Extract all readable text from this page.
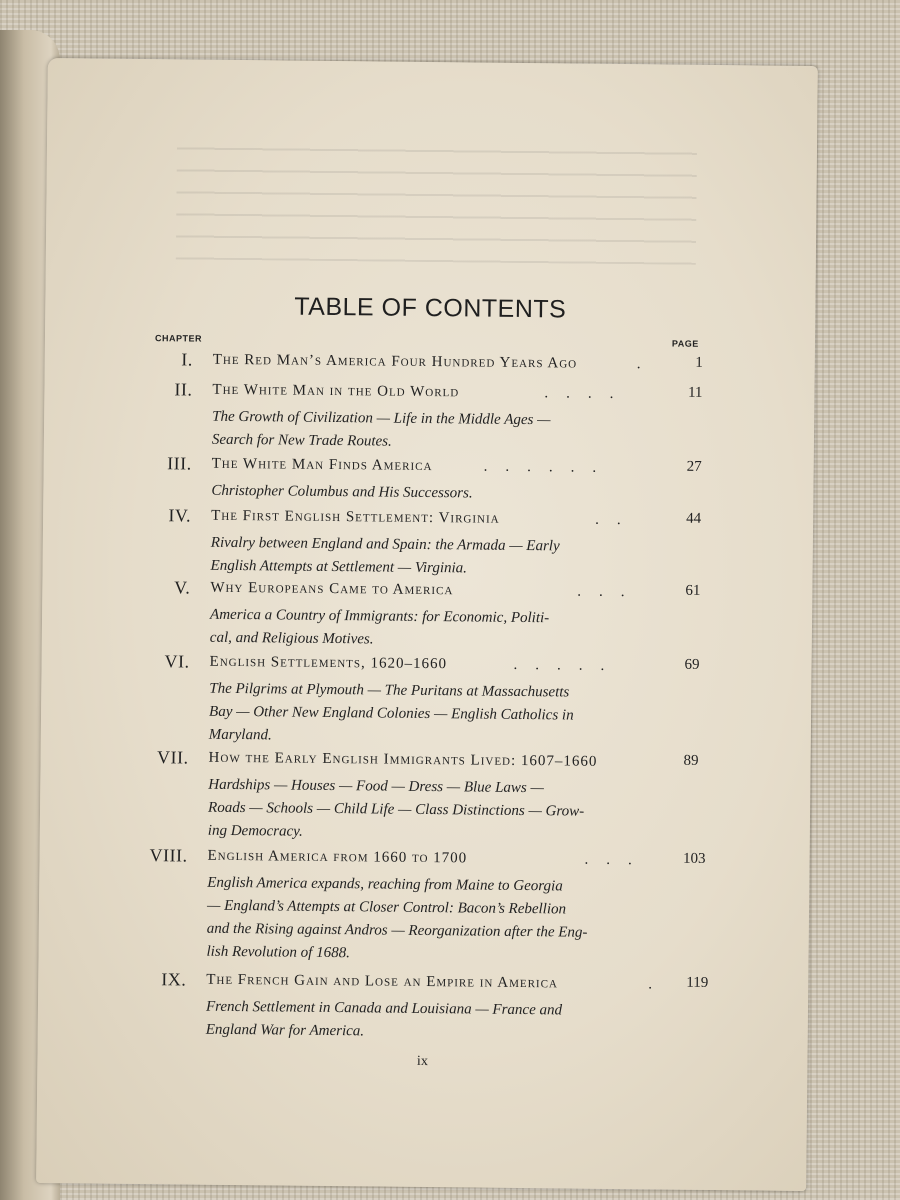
TABLE OF CONTENTS
CHAPTER
PAGE
I. The Red Man’s America Four Hundred Years Ago	.	1
II. The White Man in the Old World	....	11
The Growth of Civilization — Life in the Middle Ages —
Search for New Trade Routes.
III. The White Man Finds America	......	27
Christopher Columbus and His Successors.
IV. The First English Settlement: Virginia	..	44
Rivalry between England and Spain: the Armada — Early
English Attempts at Settlement — Virginia.
V. Why Europeans Came to America	...	61
America a Country of Immigrants: for Economic, Politi-
cal, and Religious Motives.
VI. English Settlements, 1620–1660	.....	69
The Pilgrims at Plymouth — The Puritans at Massachusetts
Bay — Other New England Colonies — English Catholics in
Maryland.
VII. How the Early English Immigrants Lived: 1607–1660	89
Hardships — Houses — Food — Dress — Blue Laws —
Roads — Schools — Child Life — Class Distinctions — Grow-
ing Democracy.
VIII. English America from 1660 to 1700	...	103
English America expands, reaching from Maine to Georgia
— England’s Attempts at Closer Control: Bacon’s Rebellion
and the Rising against Andros — Reorganization after the Eng-
lish Revolution of 1688.
IX. The French Gain and Lose an Empire in America	.	119
French Settlement in Canada and Louisiana — France and
England War for America.
ix
